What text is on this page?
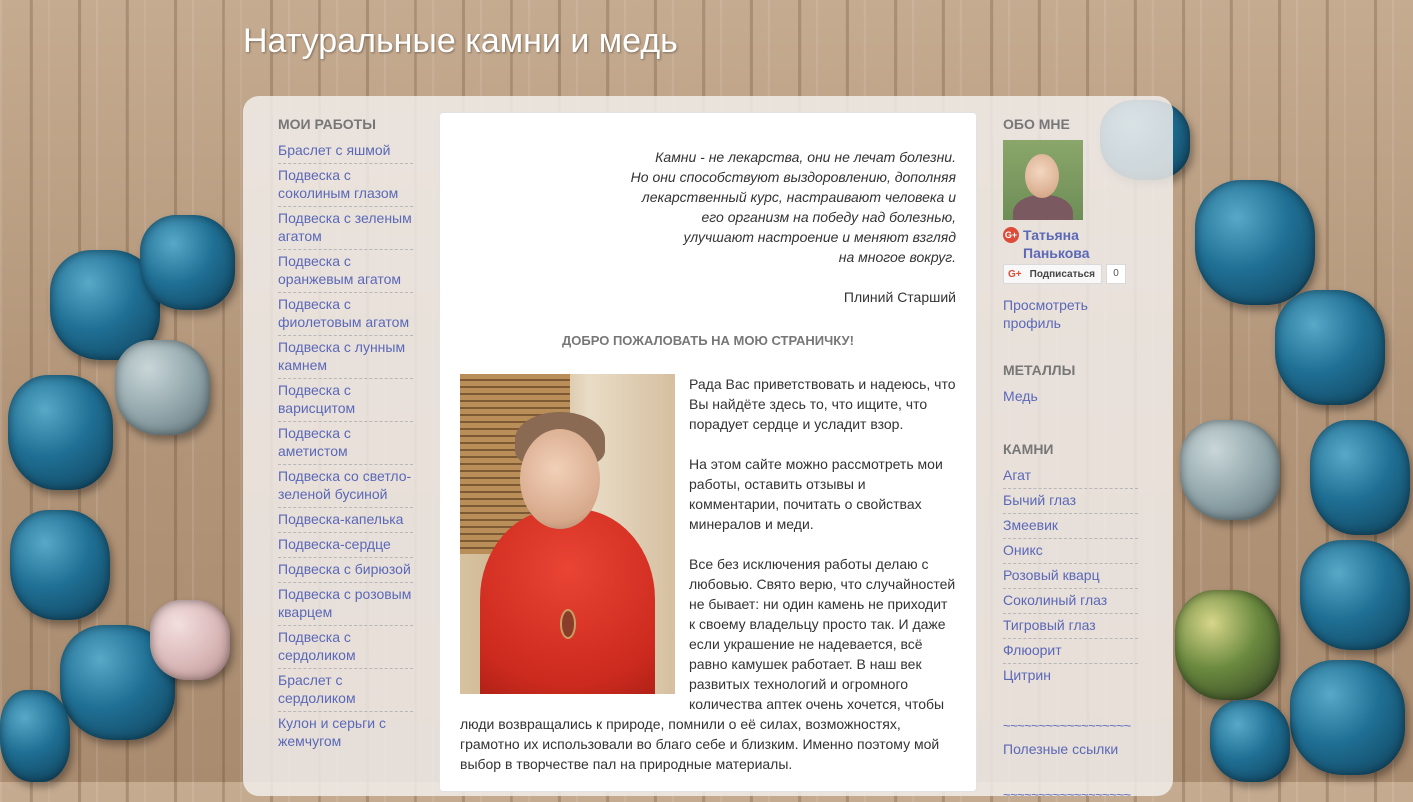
Натуральные камни и медь
МОИ РАБОТЫ
Браслет с яшмой
Подвеска с соколиным глазом
Подвеска с зеленым агатом
Подвеска с оранжевым агатом
Подвеска с фиолетовым агатом
Подвеска с лунным камнем
Подвеска с варисцитом
Подвеска с аметистом
Подвеска со светло-зеленой бусиной
Подвеска-капелька
Подвеска-сердце
Подвеска с бирюзой
Подвеска с розовым кварцем
Подвеска с сердоликом
Браслет с сердоликом
Кулон и серьги с жемчугом
Камни - не лекарства, они не лечат болезни.
Но они способствуют выздоровлению, дополняя
лекарственный курс, настраивают человека и
его организм на победу над болезнью,
улучшают настроение и меняют взгляд
на многое вокруг.
Плиний Старший
ДОБРО ПОЖАЛОВАТЬ НА МОЮ СТРАНИЧКУ!

Рада Вас приветствовать и надеюсь, что Вы найдёте здесь то, что ищите, что порадует сердце и усладит взор.

На этом сайте можно рассмотреть мои работы, оставить отзывы и комментарии, почитать о свойствах минералов и меди.

Все без исключения работы делаю с любовью. Свято верю, что случайностей не бывает: ни один камень не приходит к своему владельцу просто так. И даже если украшение не надевается, всё равно камушек работает. В наш век развитых технологий и огромного количества аптек очень хочется, чтобы люди возвращались к природе, помнили о её силах, возможностях, грамотно их использовали во благо себе и близким. Именно поэтому мой выбор в творчестве пал на природные материалы.

ОБО МНЕ
G+ Татьяна Панькова
G+ Подписаться	0
Просмотреть профиль
МЕТАЛЛЫ
Медь
КАМНИ
Агат
Бычий глаз
Змеевик
Оникс
Розовый кварц
Соколиный глаз
Тигровый глаз
Флюорит
Цитрин
~~~~~~~~~~~~~~~~~~
Полезные ссылки
~~~~~~~~~~~~~~~~~~
